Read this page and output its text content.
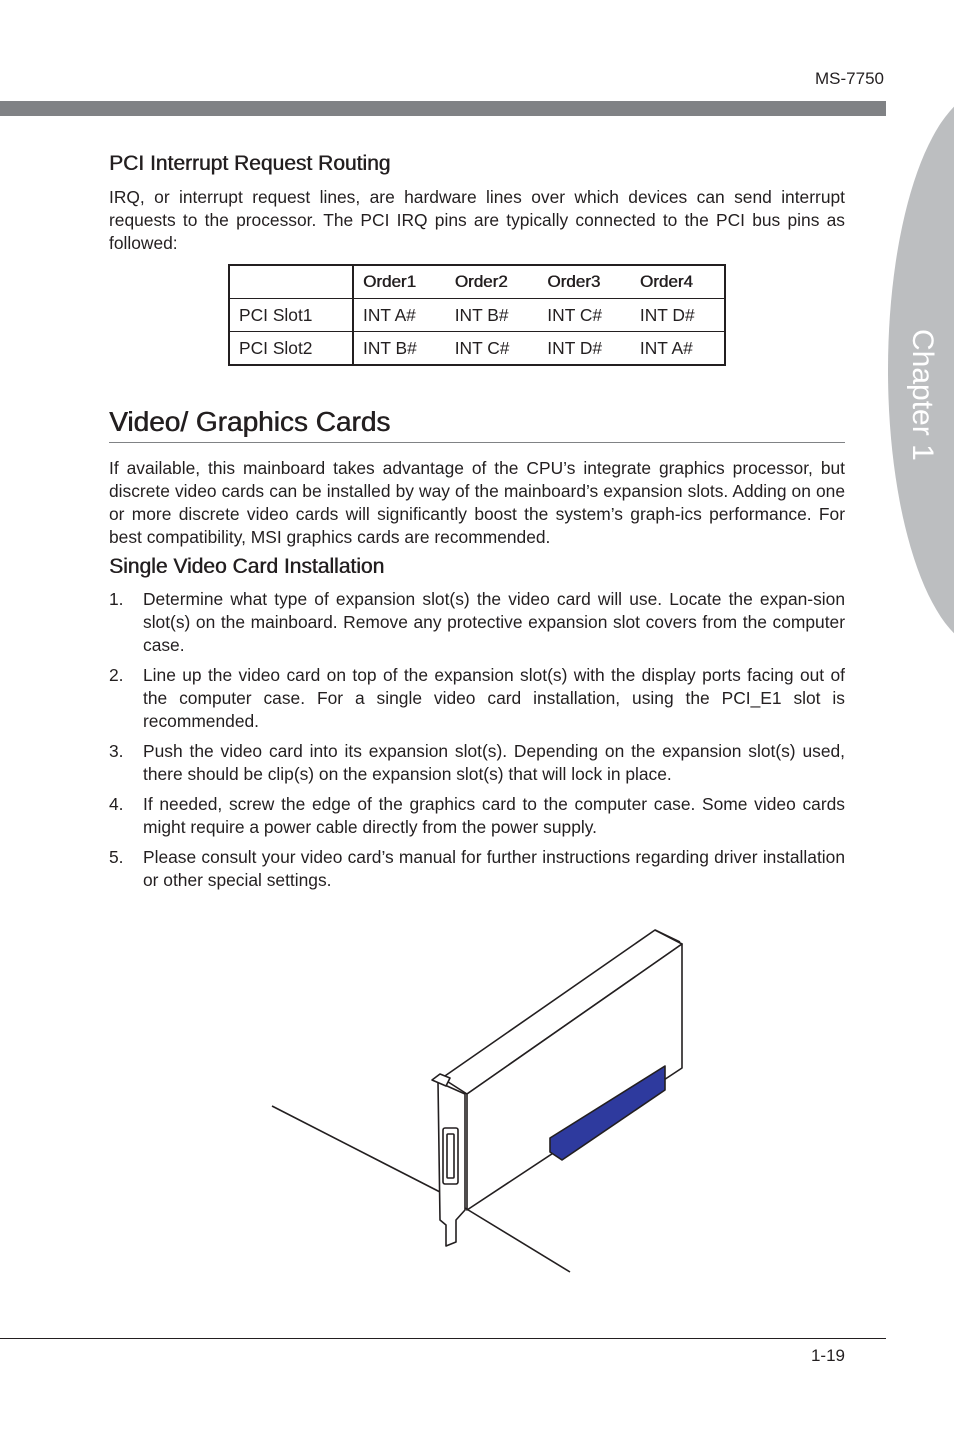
MS-7750
Chapter 1
PCI Interrupt Request Routing

IRQ, or interrupt request lines, are hardware lines over which devices can send interrupt requests to the processor. The PCI IRQ pins are typically connected to the PCI bus pins as followed:

	Order1	Order2	Order3	Order4
PCI Slot1	INT A#	INT B#	INT C#	INT D#
PCI Slot2	INT B#	INT C#	INT D#	INT A#
Video/ Graphics Cards

If available, this mainboard takes advantage of the CPU’s integrate graphics processor, but discrete video cards can be installed by way of the mainboard’s expansion slots. Adding on one or more discrete video cards will significantly boost the system’s graph-ics performance. For best compatibility, MSI graphics cards are recommended.

Single Video Card Installation
1.	Determine what type of expansion slot(s) the video card will use. Locate the expan-sion slot(s) on the mainboard. Remove any protective expansion slot covers from the computer case.
2.	Line up the video card on top of the expansion slot(s) with the display ports facing out of the computer case. For a single video card installation, using the PCI_E1 slot is recommended.
3.	Push the video card into its expansion slot(s). Depending on the expansion slot(s) used, there should be clip(s) on the expansion slot(s) that will lock in place.
4.	If needed, screw the edge of the graphics card to the computer case. Some video cards might require a power cable directly from the power supply.
5.	Please consult your video card’s manual for further instructions regarding driver installation or other special settings.
1-19
